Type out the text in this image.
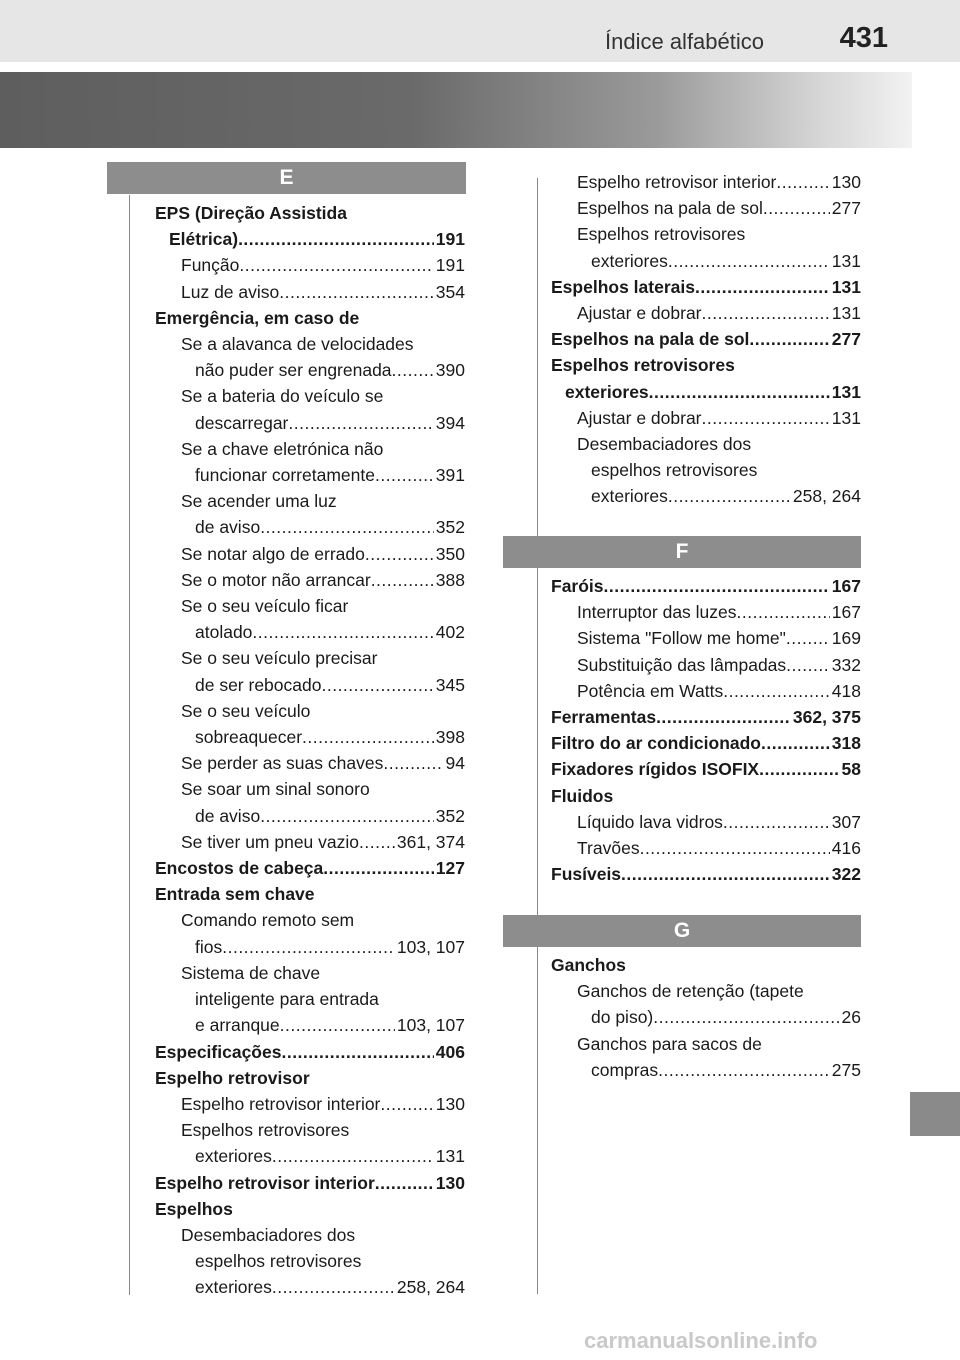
Índice alfabético	431
E
F
G
EPS (Direção Assistida
Elétrica) .....	191
Função .....	191
Luz de aviso .....	354
Emergência, em caso de
Se a alavanca de velocidades
não puder ser engrenada .....	390
Se a bateria do veículo se
descarregar .....	394
Se a chave eletrónica não
funcionar corretamente .....	391
Se acender uma luz
de aviso .....	352
Se notar algo de errado .....	350
Se o motor não arrancar .....	388
Se o seu veículo ficar
atolado .....	402
Se o seu veículo precisar
de ser rebocado .....	345
Se o seu veículo
sobreaquecer .....	398
Se perder as suas chaves .....	94
Se soar um sinal sonoro
de aviso .....	352
Se tiver um pneu vazio ..... 361, 374
Encostos de cabeça .....	127
Entrada sem chave
Comando remoto sem
fios .....	103, 107
Sistema de chave
inteligente para entrada
e arranque .....	103, 107
Especificações .....	406
Espelho retrovisor
Espelho retrovisor interior .....	130
Espelhos retrovisores
exteriores .....	131
Espelho retrovisor interior .....	130
Espelhos
Desembaciadores dos
espelhos retrovisores
exteriores .....	258, 264
Espelho retrovisor interior .....	130
Espelhos na pala de sol .....	277
Espelhos retrovisores
exteriores .....	131
Espelhos laterais .....	131
Ajustar e dobrar .....	131
Espelhos na pala de sol .....	277
Espelhos retrovisores
exteriores .....	131
Ajustar e dobrar .....	131
Desembaciadores dos
espelhos retrovisores
exteriores .....	258, 264
Faróis .....	167
Interruptor das luzes .....	167
Sistema "Follow me home" .....	169
Substituição das lâmpadas .....	332
Potência em Watts .....	418
Ferramentas .....	362, 375
Filtro do ar condicionado .....	318
Fixadores rígidos ISOFIX .....	58
Fluidos
Líquido lava vidros .....	307
Travões .....	416
Fusíveis .....	322
Ganchos
Ganchos de retenção (tapete
do piso) .....	26
Ganchos para sacos de
compras .....	275
carmanualsonline.info
